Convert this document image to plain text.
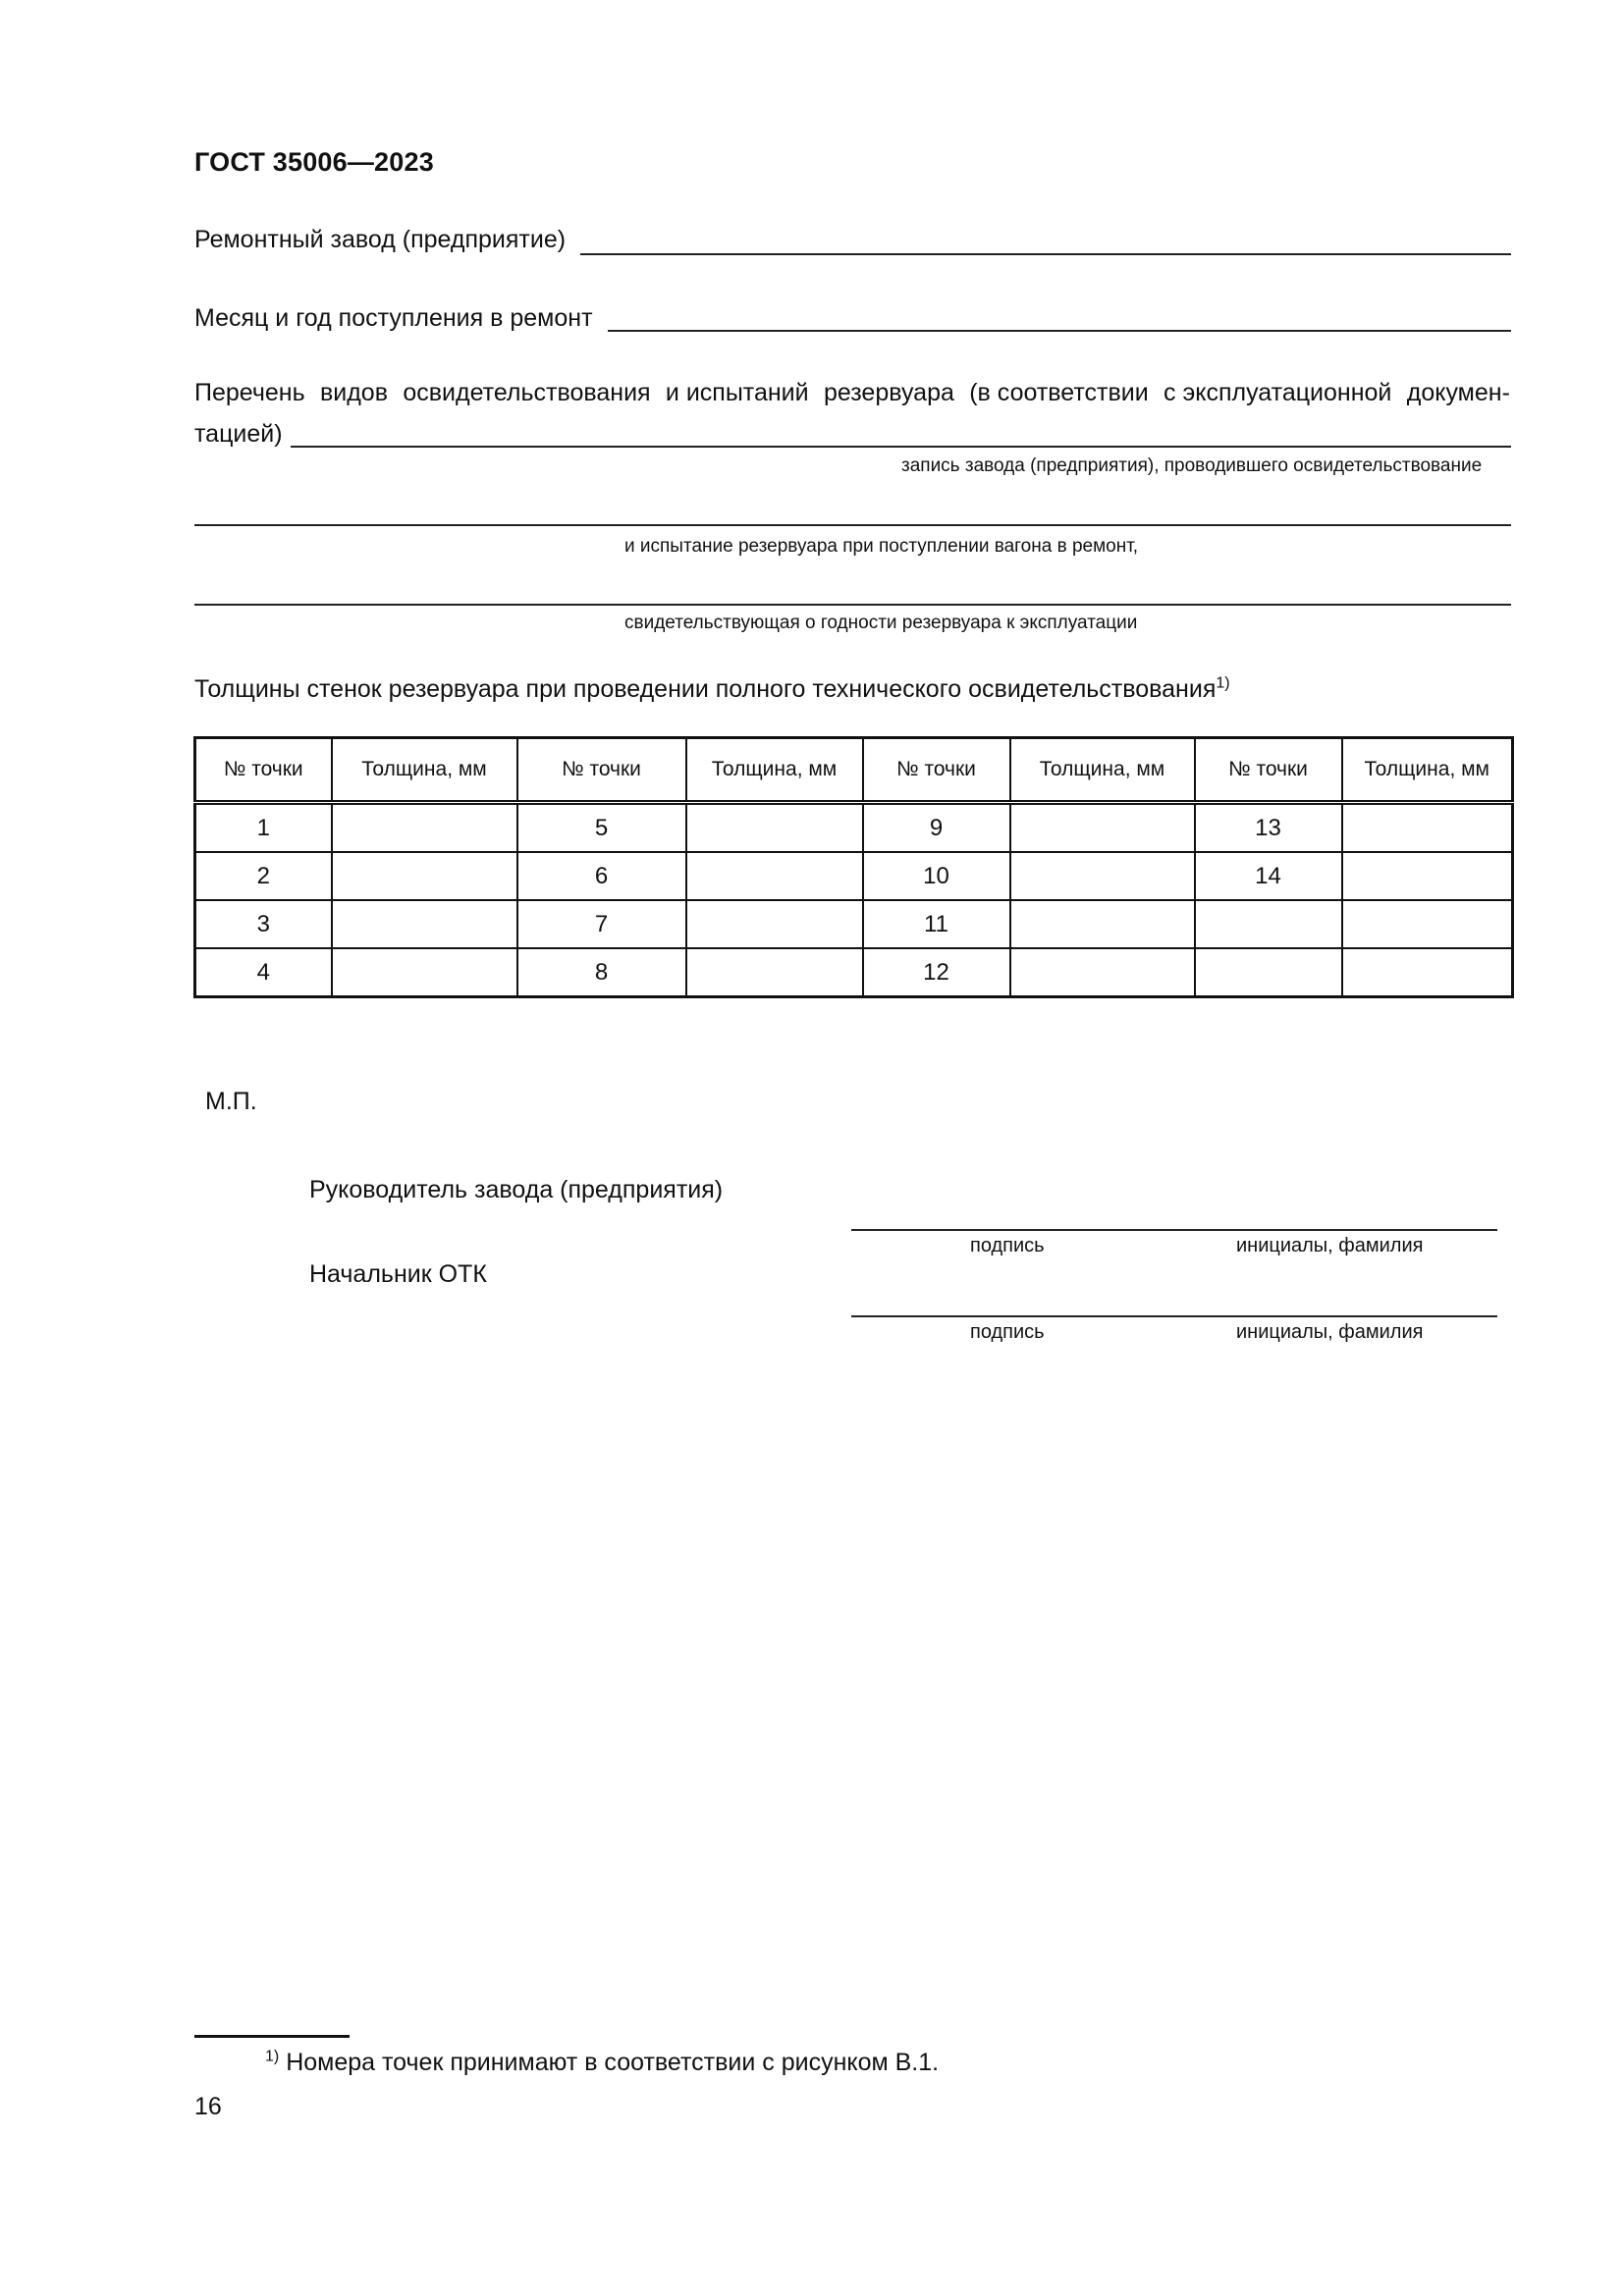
ГОСТ 35006—2023
Ремонтный завод (предприятие)
Месяц и год поступления в ремонт
Перечень видов освидетельствования и испытаний резервуара (в соответствии с эксплуатационной докумен-
тацией)
запись завода (предприятия), проводившего освидетельствование
и испытание резервуара при поступлении вагона в ремонт,
свидетельствующая о годности резервуара к эксплуатации
Толщины стенок резервуара при проведении полного технического освидетельствования$^{1)}$
№ точки	Толщина, мм	№ точки	Толщина, мм	№ точки	Толщина, мм	№ точки	Толщина, мм
1		5		9		13	
2		6		10		14	
3		7		11			
4		8		12			
М.П.
Руководитель завода (предприятия)
подпись	инициалы, фамилия
Начальник ОТК
подпись	инициалы, фамилия
$^{1)}$ Номера точек принимают в соответствии с рисунком В.1.
16
